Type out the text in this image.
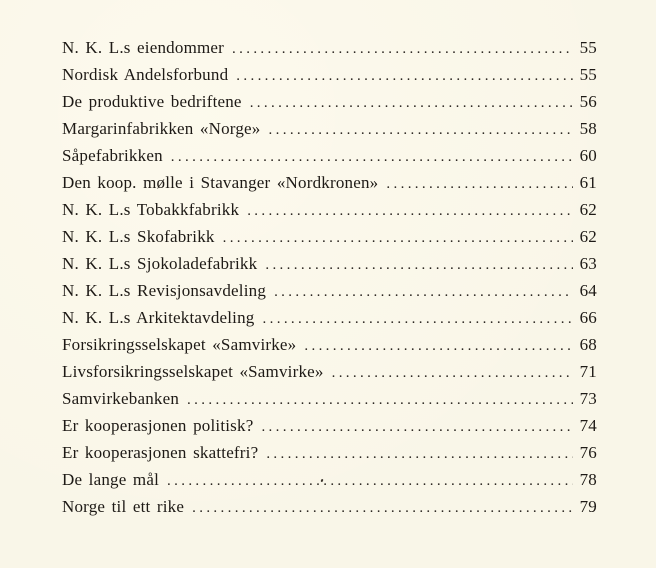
N. K. L.s eiendommer . . .	55
Nordisk Andelsforbund . . .	55
De produktive bedriftene . . .	56
Margarinfabrikken «Norge» . . .	58
Såpefabrikken . . .	60
Den koop. mølle i Stavanger «Nordkronen» . . .	61
N. K. L.s Tobakkfabrikk . . .	62
N. K. L.s Skofabrikk . . .	62
N. K. L.s Sjokoladefabrikk . . .	63
N. K. L.s Revisjonsavdeling . . .	64
N. K. L.s Arkitektavdeling . . .	66
Forsikringsselskapet «Samvirke» . . .	68
Livsforsikringsselskapet «Samvirke» . . .	71
Samvirkebanken . . .	73
Er kooperasjonen politisk? . . .	74
Er kooperasjonen skattefri? . . .	76
De lange mål . . .	78
Norge til ett rike . . .	79
